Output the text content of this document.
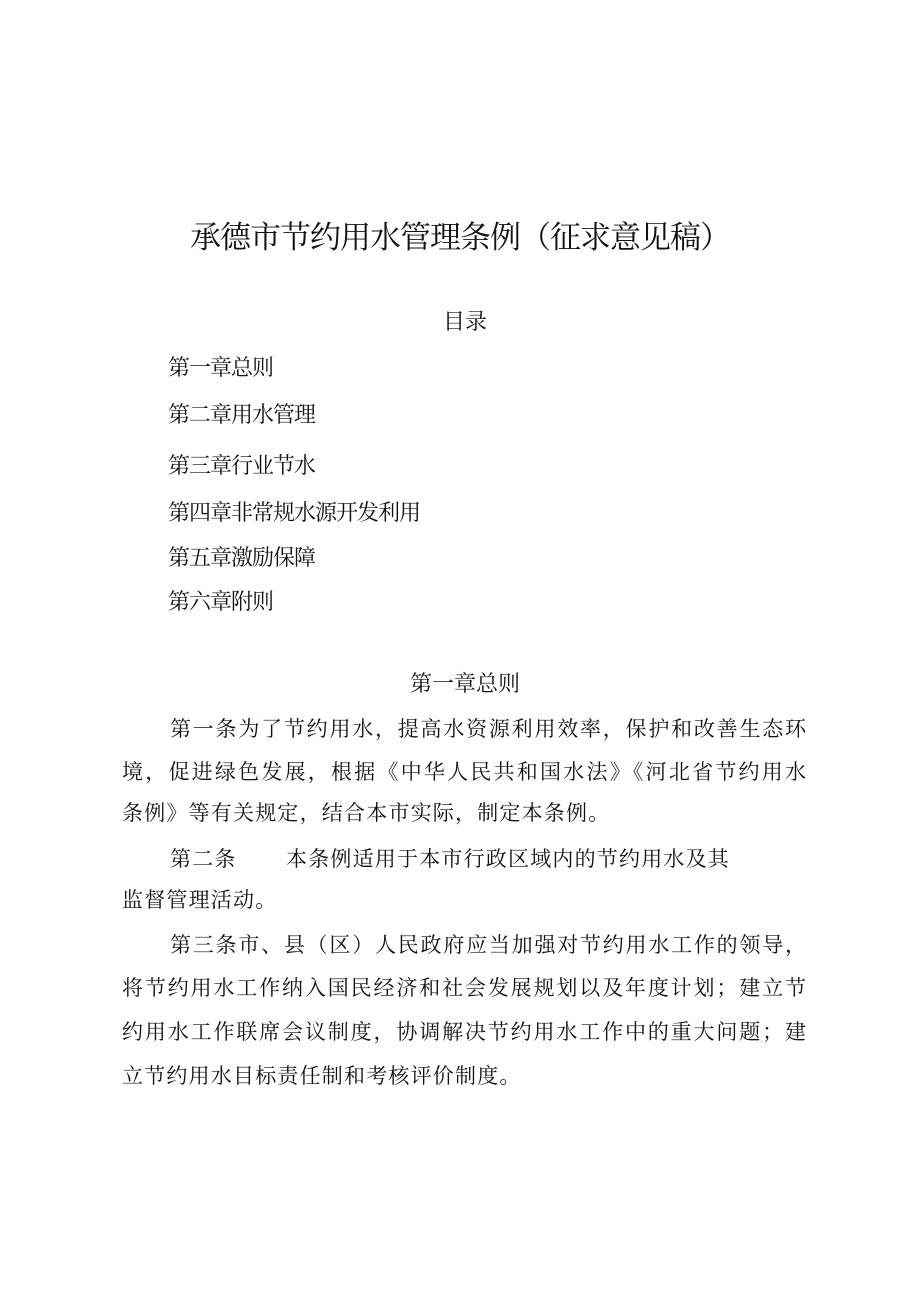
承德市节约用水管理条例（征求意见稿）
目录
第一章总则
第二章用水管理
第三章行业节水
第四章非常规水源开发利用
第五章激励保障
第六章附则
第一章总则
第一条为了节约用水，提高水资源利用效率，保护和改善生态环
境，促进绿色发展，根据《中华人民共和国水法》《河北省节约用水
条例》等有关规定，结合本市实际，制定本条例。
第二条 本条例适用于本市行政区域内的节约用水及其
监督管理活动。
第三条市、县（区）人民政府应当加强对节约用水工作的领导，
将节约用水工作纳入国民经济和社会发展规划以及年度计划；建立节
约用水工作联席会议制度，协调解决节约用水工作中的重大问题；建
立节约用水目标责任制和考核评价制度。
